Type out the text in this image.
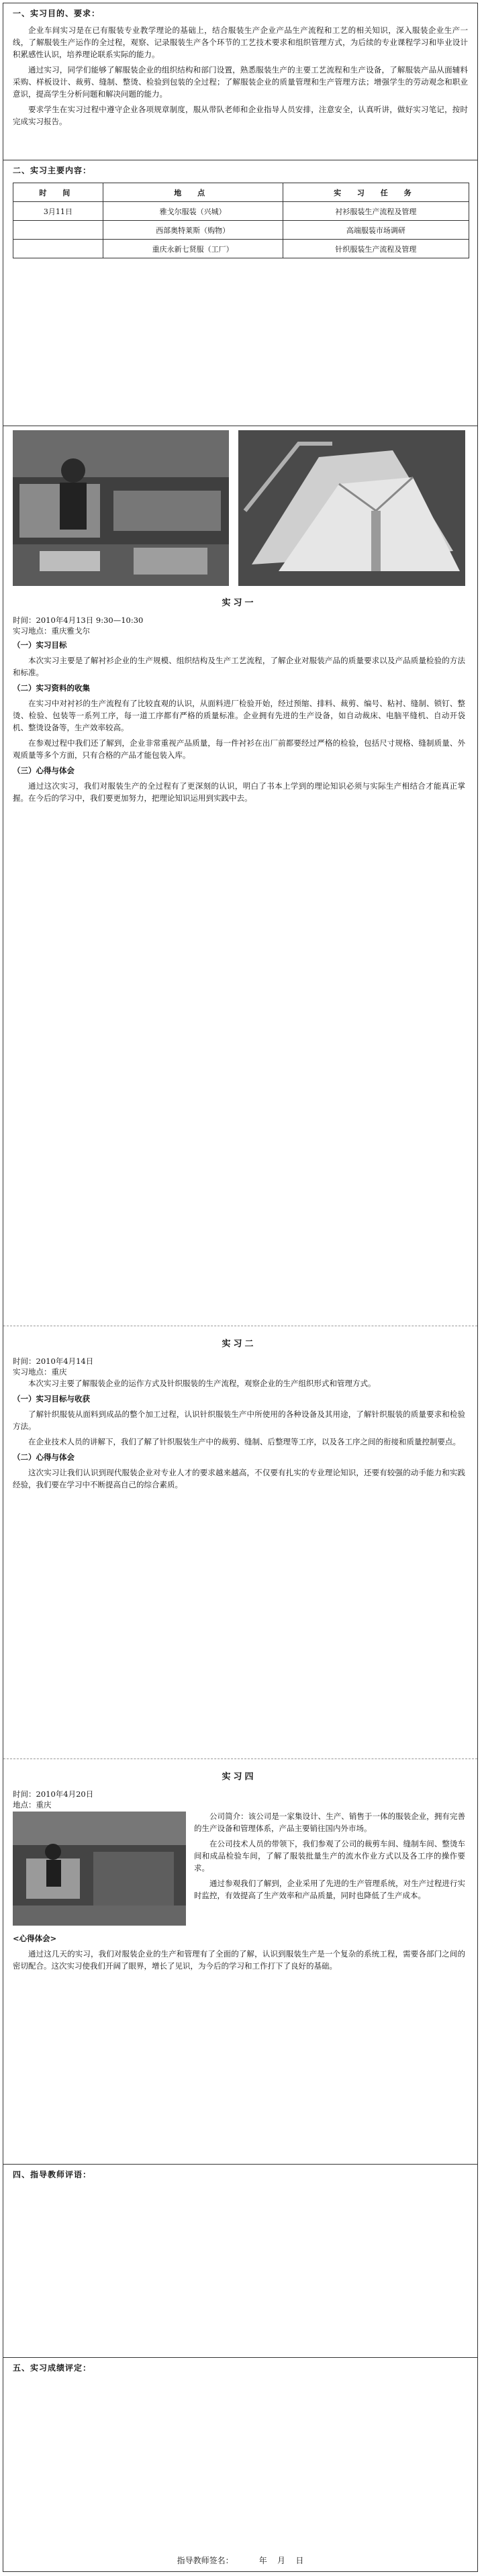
一、实习目的、要求：

企业车间实习是在已有服装专业教学理论的基础上，结合服装生产企业产品生产流程和工艺的相关知识，深入服装企业生产一线，了解服装生产运作的全过程，观察、记录服装生产各个环节的工艺技术要求和组织管理方式，为后续的专业课程学习和毕业设计积累感性认识，培养理论联系实际的能力。

通过实习，同学们能够了解服装企业的组织结构和部门设置，熟悉服装生产的主要工艺流程和生产设备，了解服装产品从面辅料采购、样板设计、裁剪、缝制、整烫、检验到包装的全过程；了解服装企业的质量管理和生产管理方法；增强学生的劳动观念和职业意识，提高学生分析问题和解决问题的能力。

要求学生在实习过程中遵守企业各项规章制度，服从带队老师和企业指导人员安排，注意安全，认真听讲，做好实习笔记，按时完成实习报告。

二、实习主要内容：
时 间	地 点	实 习 任 务
3月11日	雅戈尔服装（兴城）	衬衫服装生产流程及管理
	西部奥特莱斯（购物）	高端服装市场调研
	重庆永新七贤服（工厂）	针织服装生产流程及管理
实习一

时间：2010年4月13日 9:30—10:30

实习地点：重庆雅戈尔

（一）实习目标

本次实习主要是了解衬衫企业的生产规模、组织结构及生产工艺流程，了解企业对服装产品的质量要求以及产品质量检验的方法和标准。

（二）实习资料的收集

在实习中对衬衫的生产流程有了比较直观的认识，从面料进厂检验开始，经过预缩、排料、裁剪、编号、粘衬、缝制、锁钉、整烫、检验、包装等一系列工序，每一道工序都有严格的质量标准。企业拥有先进的生产设备，如自动裁床、电脑平缝机、自动开袋机、整烫设备等，生产效率较高。

在参观过程中我们还了解到，企业非常重视产品质量，每一件衬衫在出厂前都要经过严格的检验，包括尺寸规格、缝制质量、外观质量等多个方面，只有合格的产品才能包装入库。

（三）心得与体会

通过这次实习，我们对服装生产的全过程有了更深刻的认识，明白了书本上学到的理论知识必须与实际生产相结合才能真正掌握。在今后的学习中，我们要更加努力，把理论知识运用到实践中去。

实习二

时间：2010年4月14日

实习地点：重庆

本次实习主要了解服装企业的运作方式及针织服装的生产流程，观察企业的生产组织形式和管理方式。

（一）实习目标与收获

了解针织服装从面料到成品的整个加工过程，认识针织服装生产中所使用的各种设备及其用途，了解针织服装的质量要求和检验方法。

在企业技术人员的讲解下，我们了解了针织服装生产中的裁剪、缝制、后整理等工序，以及各工序之间的衔接和质量控制要点。

（二）心得与体会

这次实习让我们认识到现代服装企业对专业人才的要求越来越高，不仅要有扎实的专业理论知识，还要有较强的动手能力和实践经验，我们要在学习中不断提高自己的综合素质。

实习四

时间：2010年4月20日

地点：重庆

公司简介：该公司是一家集设计、生产、销售于一体的服装企业，拥有完善的生产设备和管理体系，产品主要销往国内外市场。

在公司技术人员的带领下，我们参观了公司的裁剪车间、缝制车间、整烫车间和成品检验车间，了解了服装批量生产的流水作业方式以及各工序的操作要求。

通过参观我们了解到，企业采用了先进的生产管理系统，对生产过程进行实时监控，有效提高了生产效率和产品质量，同时也降低了生产成本。

<心得体会>

通过这几天的实习，我们对服装企业的生产和管理有了全面的了解，认识到服装生产是一个复杂的系统工程，需要各部门之间的密切配合。这次实习使我们开阔了眼界，增长了见识，为今后的学习和工作打下了良好的基础。

四、指导教师评语：
五、实习成绩评定：
指导教师签名：          年    月    日
